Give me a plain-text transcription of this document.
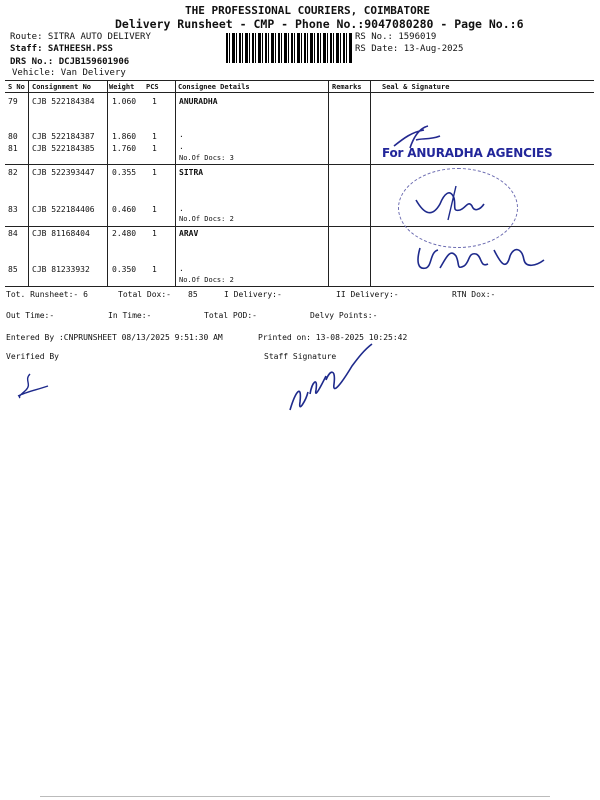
THE PROFESSIONAL COURIERS, COIMBATORE
Delivery Runsheet - CMP - Phone No.:9047080280 - Page No.:6
Route: SITRA AUTO DELIVERY
Staff: SATHEESH.PSS
DRS No.: DCJB159601906
Vehicle: Van Delivery
RS No.: 1596019
RS Date: 13-Aug-2025
S No Consignment No	Weight PCS	Consignee Details	Remarks	Seal & Signature
79 CJB 522184384 1.060 1	ANURADHA
80 CJB 522184387 1.860 1	.
81 CJB 522184385 1.760 1	.
No.Of Docs: 3
82 CJB 522393447 0.355 1	SITRA
83 CJB 522184406 0.460 1	.
No.Of Docs: 2
84 CJB 81168404	2.480 1	ARAV
85 CJB 81233932	0.350 1	.
No.Of Docs: 2
For ANURADHA AGENCIES
Tot. Runsheet:- 6	Total Dox:- 85	I Delivery:-	II Delivery:-	RTN Dox:-
Out Time:-	In Time:-	Total POD:-	Delvy Points:-
Entered By :CNPRUNSHEET 08/13/2025 9:51:30 AM	Printed on: 13-08-2025 10:25:42
Verified By	Staff Signature
